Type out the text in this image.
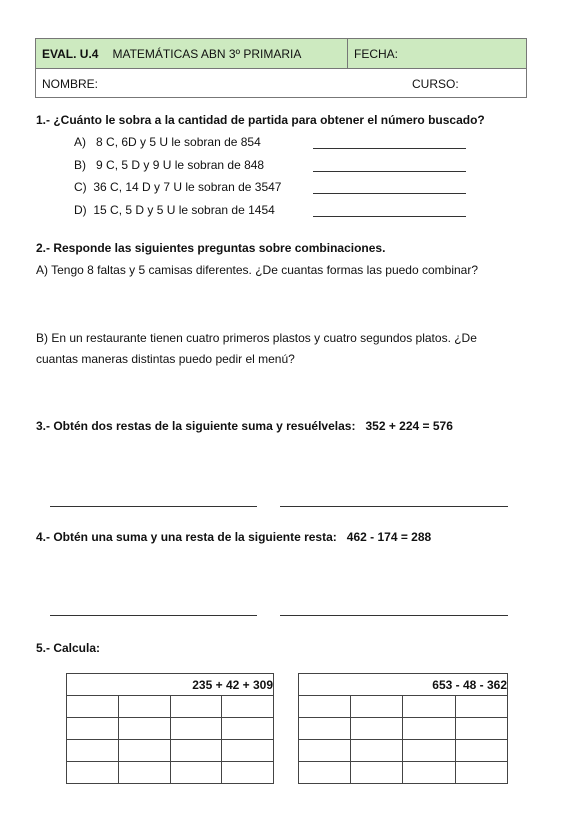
EVAL. U.4 MATEMÁTICAS ABN 3º PRIMARIA	FECHA:
NOMBRE:	CURSO:
1.- ¿Cuánto le sobra a la cantidad de partida para obtener el número buscado?
A) 8 C, 6D y 5 U le sobran de 854
B) 9 C, 5 D y 9 U le sobran de 848
C) 36 C, 14 D y 7 U le sobran de 3547
D) 15 C, 5 D y 5 U le sobran de 1454
2.- Responde las siguientes preguntas sobre combinaciones.
A) Tengo 8 faltas y 5 camisas diferentes. ¿De cuantas formas las puedo combinar?
B) En un restaurante tienen cuatro primeros plastos y cuatro segundos platos. ¿De
cuantas maneras distintas puedo pedir el menú?
3.- Obtén dos restas de la siguiente suma y resuélvelas: 352 + 224 = 576
4.- Obtén una suma y una resta de la siguiente resta: 462 - 174 = 288
5.- Calcula:
235 + 42 + 309			

				653 - 48 - 362			
